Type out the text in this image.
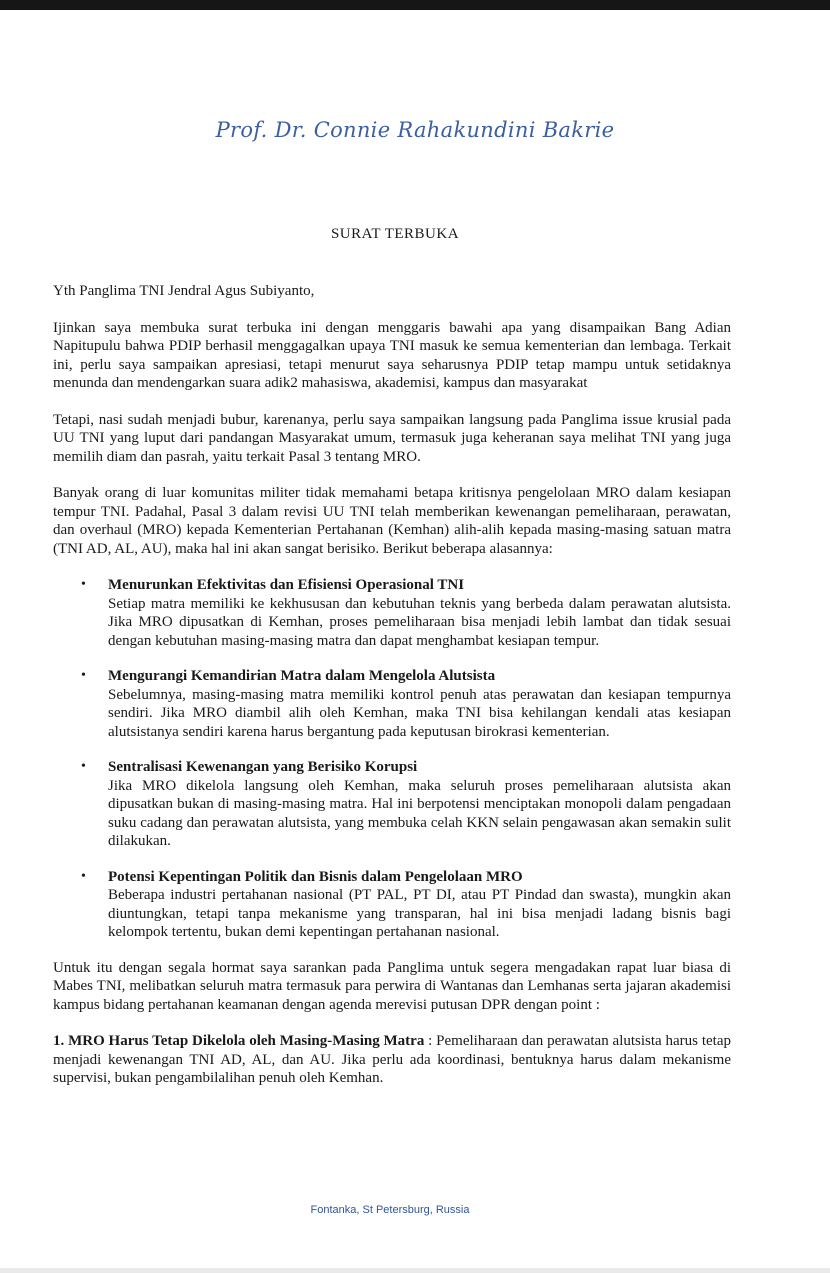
Prof. Dr. Connie Rahakundini Bakrie
SURAT TERBUKA

Yth Panglima TNI Jendral Agus Subiyanto,

Ijinkan saya membuka surat terbuka ini dengan menggaris bawahi apa yang disampaikan Bang Adian Napitupulu bahwa PDIP berhasil menggagalkan upaya TNI masuk ke semua kementerian dan lembaga. Terkait ini, perlu saya sampaikan apresiasi, tetapi menurut saya seharusnya PDIP tetap mampu untuk setidaknya menunda dan mendengarkan suara adik2 mahasiswa, akademisi, kampus dan masyarakat

Tetapi, nasi sudah menjadi bubur, karenanya, perlu saya sampaikan langsung pada Panglima issue krusial pada UU TNI yang luput dari pandangan Masyarakat umum, termasuk juga keheranan saya melihat TNI yang juga memilih diam dan pasrah, yaitu terkait Pasal 3 tentang MRO.

Banyak orang di luar komunitas militer tidak memahami betapa kritisnya pengelolaan MRO dalam kesiapan tempur TNI. Padahal, Pasal 3 dalam revisi UU TNI telah memberikan kewenangan pemeliharaan, perawatan, dan overhaul (MRO) kepada Kementerian Pertahanan (Kemhan) alih-alih kepada masing-masing satuan matra (TNI AD, AL, AU), maka hal ini akan sangat berisiko. Berikut beberapa alasannya:

• Menurunkan Efektivitas dan Efisiensi Operasional TNI
Setiap matra memiliki ke kekhususan dan kebutuhan teknis yang berbeda dalam perawatan alutsista. Jika MRO dipusatkan di Kemhan, proses pemeliharaan bisa menjadi lebih lambat dan tidak sesuai dengan kebutuhan masing-masing matra dan dapat menghambat kesiapan tempur.
• Mengurangi Kemandirian Matra dalam Mengelola Alutsista
Sebelumnya, masing-masing matra memiliki kontrol penuh atas perawatan dan kesiapan tempurnya sendiri. Jika MRO diambil alih oleh Kemhan, maka TNI bisa kehilangan kendali atas kesiapan alutsistanya sendiri karena harus bergantung pada keputusan birokrasi kementerian.
• Sentralisasi Kewenangan yang Berisiko Korupsi
Jika MRO dikelola langsung oleh Kemhan, maka seluruh proses pemeliharaan alutsista akan dipusatkan bukan di masing-masing matra. Hal ini berpotensi menciptakan monopoli dalam pengadaan suku cadang dan perawatan alutsista, yang membuka celah KKN selain pengawasan akan semakin sulit dilakukan.
• Potensi Kepentingan Politik dan Bisnis dalam Pengelolaan MRO
Beberapa industri pertahanan nasional (PT PAL, PT DI, atau PT Pindad dan swasta), mungkin akan diuntungkan, tetapi tanpa mekanisme yang transparan, hal ini bisa menjadi ladang bisnis bagi kelompok tertentu, bukan demi kepentingan pertahanan nasional.

Untuk itu dengan segala hormat saya sarankan pada Panglima untuk segera mengadakan rapat luar biasa di Mabes TNI, melibatkan seluruh matra termasuk para perwira di Wantanas dan Lemhanas serta jajaran akademisi kampus bidang pertahanan keamanan dengan agenda merevisi putusan DPR dengan point :

1. MRO Harus Tetap Dikelola oleh Masing-Masing Matra : Pemeliharaan dan perawatan alutsista harus tetap menjadi kewenangan TNI AD, AL, dan AU. Jika perlu ada koordinasi, bentuknya harus dalam mekanisme supervisi, bukan pengambilalihan penuh oleh Kemhan.

Fontanka, St Petersburg, Russia
